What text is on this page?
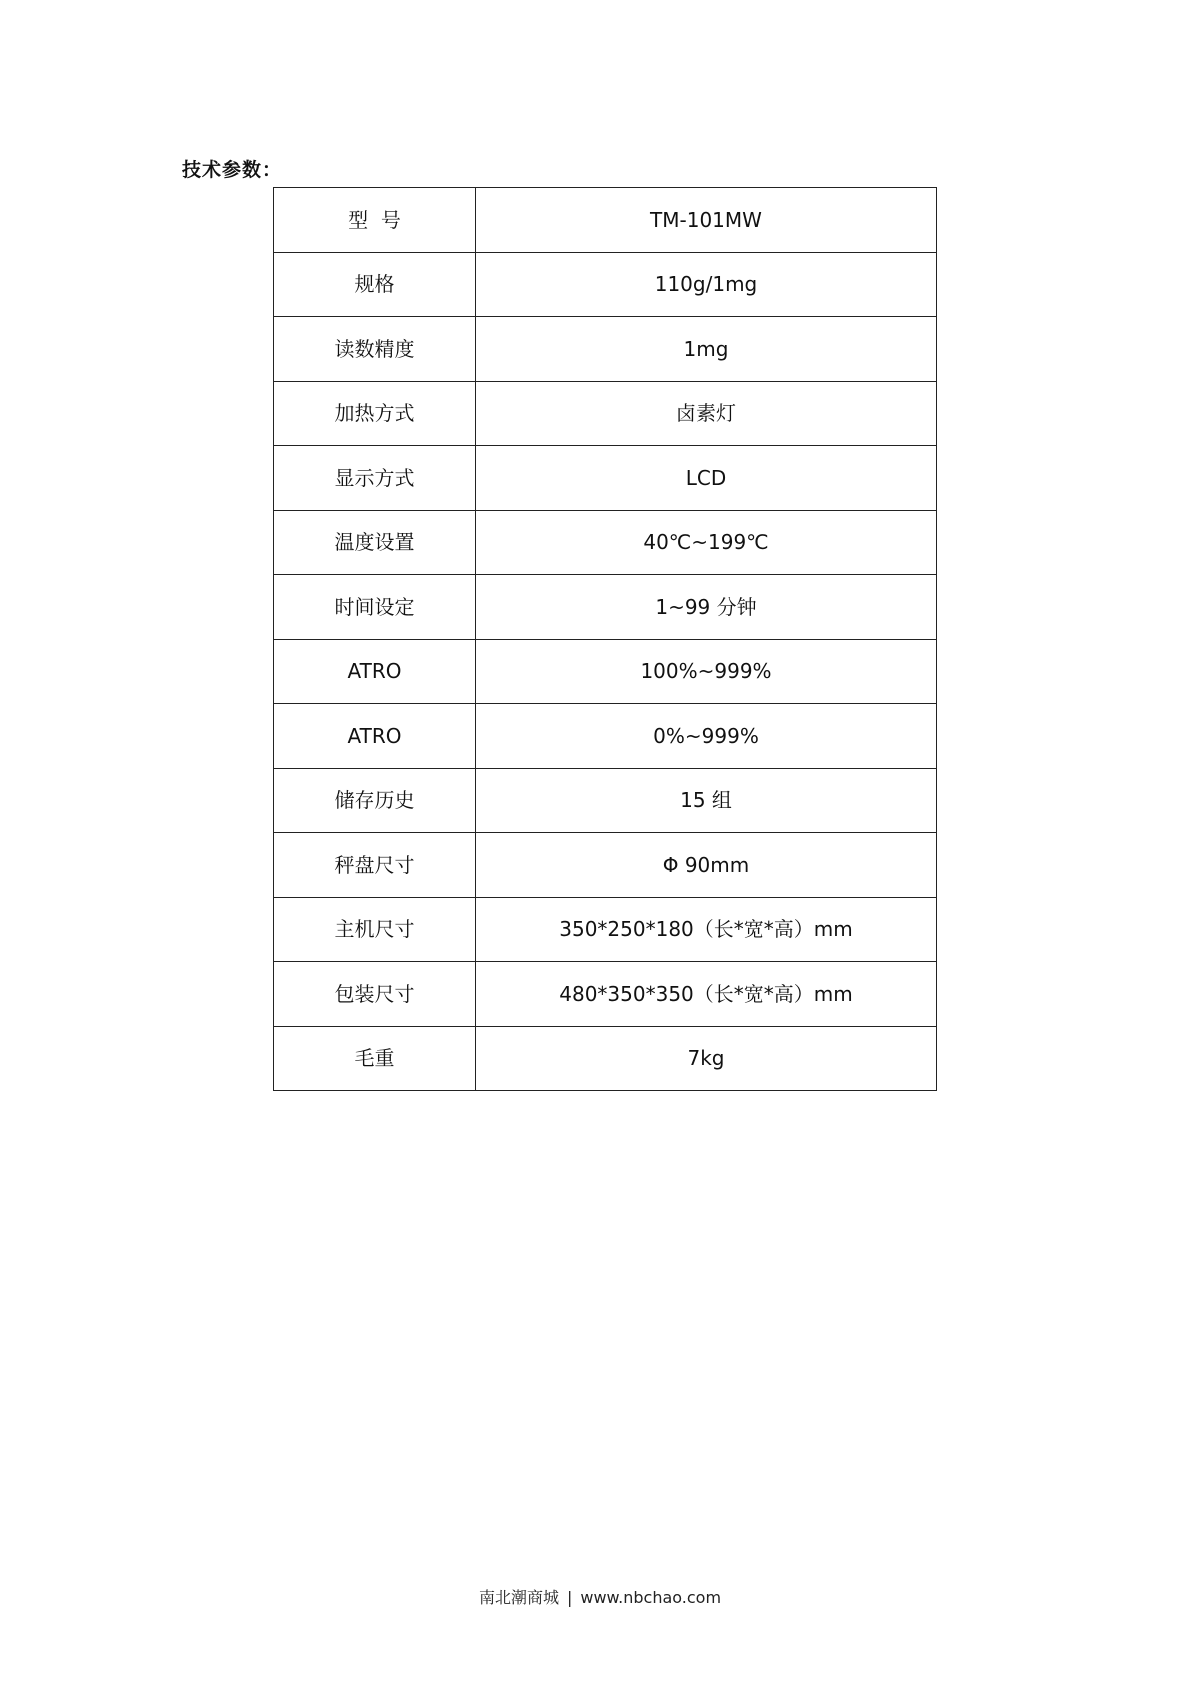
技术参数：
型  号	TM-101MW
规格	110g/1mg
读数精度	1mg
加热方式	卤素灯
显示方式	LCD
温度设置	40℃~199℃
时间设定	1~99 分钟
ATRO	100%~999%
ATRO	0%~999%
储存历史	15 组
秤盘尺寸	Φ 90mm
主机尺寸	350*250*180（长*宽*高）mm
包装尺寸	480*350*350（长*宽*高）mm
毛重	7kg
南北潮商城 | www.nbchao.com
